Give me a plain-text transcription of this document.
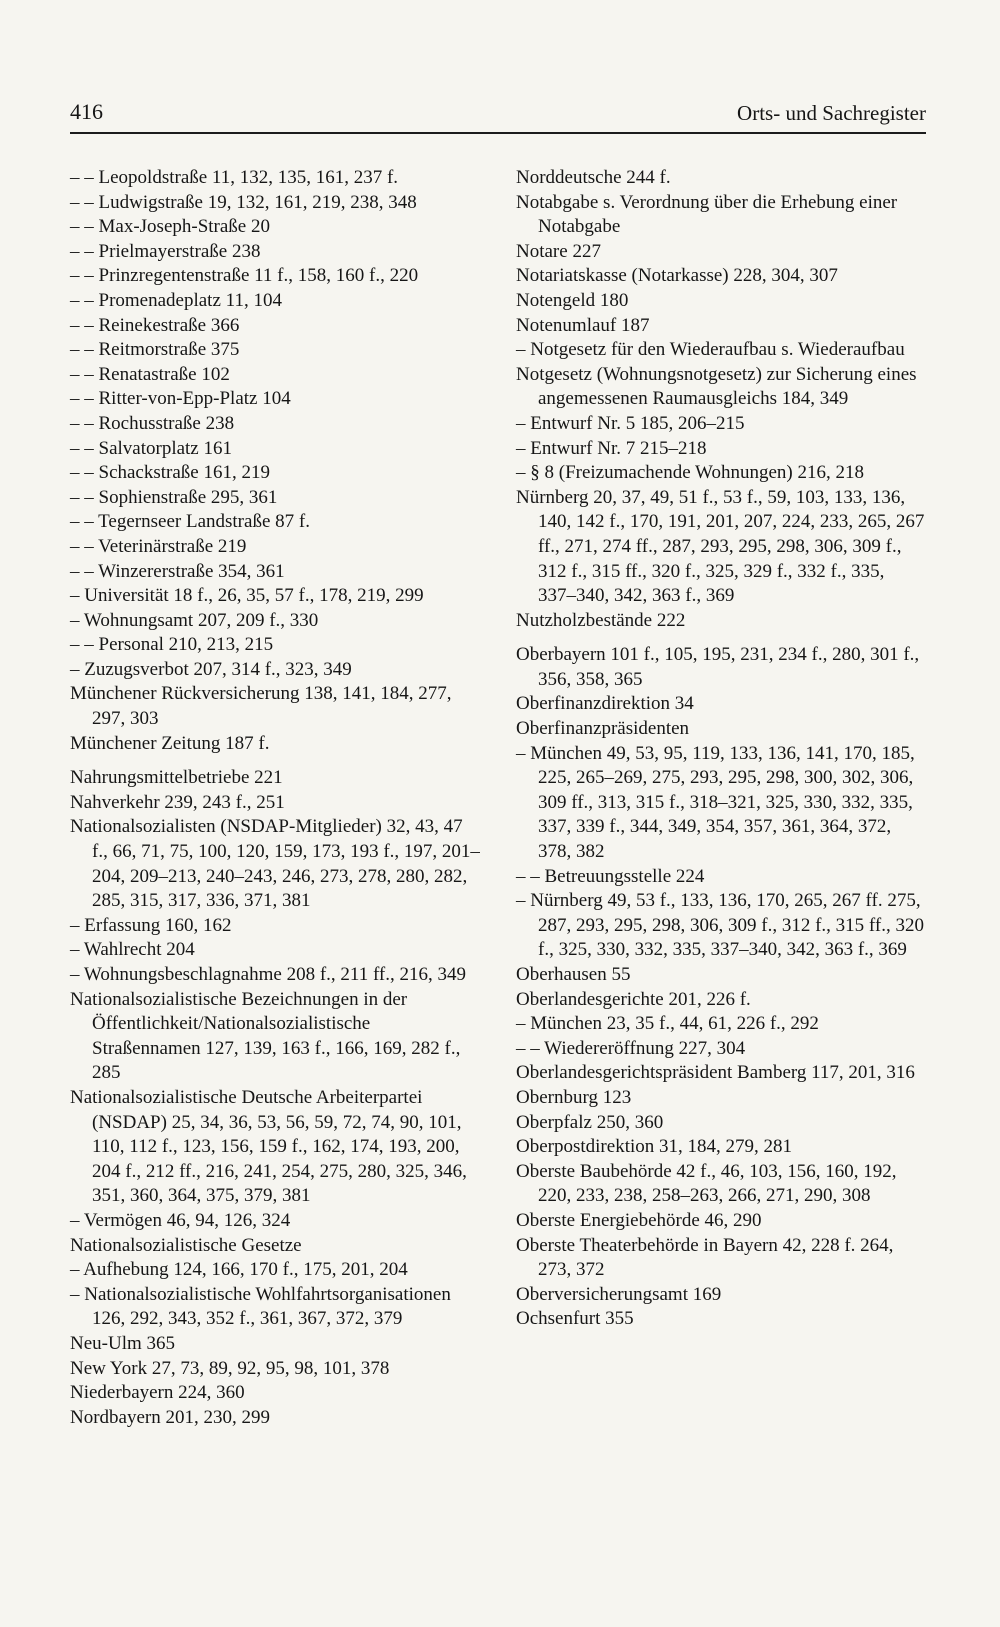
416	Orts- und Sachregister
– – Leopoldstraße 11, 132, 135, 161, 237 f.
– – Ludwigstraße 19, 132, 161, 219, 238, 348
– – Max-Joseph-Straße 20
– – Prielmayerstraße 238
– – Prinzregentenstraße 11 f., 158, 160 f., 220
– – Promenadeplatz 11, 104
– – Reinekestraße 366
– – Reitmorstraße 375
– – Renatastraße 102
– – Ritter-von-Epp-Platz 104
– – Rochusstraße 238
– – Salvatorplatz 161
– – Schackstraße 161, 219
– – Sophienstraße 295, 361
– – Tegernseer Landstraße 87 f.
– – Veterinärstraße 219
– – Winzererstraße 354, 361
– Universität 18 f., 26, 35, 57 f., 178, 219, 299
– Wohnungsamt 207, 209 f., 330
– – Personal 210, 213, 215
– Zuzugsverbot 207, 314 f., 323, 349
Münchener Rückversicherung 138, 141, 184, 277, 297, 303
Münchener Zeitung 187 f.
Nahrungsmittelbetriebe 221
Nahverkehr 239, 243 f., 251
Nationalsozialisten (NSDAP-Mitglieder) 32, 43, 47 f., 66, 71, 75, 100, 120, 159, 173, 193 f., 197, 201–204, 209–213, 240–243, 246, 273, 278, 280, 282, 285, 315, 317, 336, 371, 381
– Erfassung 160, 162
– Wahlrecht 204
– Wohnungsbeschlagnahme 208 f., 211 ff., 216, 349
Nationalsozialistische Bezeichnungen in der Öffentlichkeit/Nationalsozialistische Straßennamen 127, 139, 163 f., 166, 169, 282 f., 285
Nationalsozialistische Deutsche Arbeiterpartei (NSDAP) 25, 34, 36, 53, 56, 59, 72, 74, 90, 101, 110, 112 f., 123, 156, 159 f., 162, 174, 193, 200, 204 f., 212 ff., 216, 241, 254, 275, 280, 325, 346, 351, 360, 364, 375, 379, 381
– Vermögen 46, 94, 126, 324
Nationalsozialistische Gesetze
– Aufhebung 124, 166, 170 f., 175, 201, 204
– Nationalsozialistische Wohlfahrtsorganisationen 126, 292, 343, 352 f., 361, 367, 372, 379
Neu-Ulm 365
New York 27, 73, 89, 92, 95, 98, 101, 378
Niederbayern 224, 360
Nordbayern 201, 230, 299
Norddeutsche 244 f.
Notabgabe s. Verordnung über die Erhebung einer Notabgabe
Notare 227
Notariatskasse (Notarkasse) 228, 304, 307
Notengeld 180
Notenumlauf 187
– Notgesetz für den Wiederaufbau s. Wiederaufbau
Notgesetz (Wohnungsnotgesetz) zur Sicherung eines angemessenen Raumausgleichs 184, 349
– Entwurf Nr. 5 185, 206–215
– Entwurf Nr. 7 215–218
– § 8 (Freizumachende Wohnungen) 216, 218
Nürnberg 20, 37, 49, 51 f., 53 f., 59, 103, 133, 136, 140, 142 f., 170, 191, 201, 207, 224, 233, 265, 267 ff., 271, 274 ff., 287, 293, 295, 298, 306, 309 f., 312 f., 315 ff., 320 f., 325, 329 f., 332 f., 335, 337–340, 342, 363 f., 369
Nutzholzbestände 222
Oberbayern 101 f., 105, 195, 231, 234 f., 280, 301 f., 356, 358, 365
Oberfinanzdirektion 34
Oberfinanzpräsidenten
– München 49, 53, 95, 119, 133, 136, 141, 170, 185, 225, 265–269, 275, 293, 295, 298, 300, 302, 306, 309 ff., 313, 315 f., 318–321, 325, 330, 332, 335, 337, 339 f., 344, 349, 354, 357, 361, 364, 372, 378, 382
– – Betreuungsstelle 224
– Nürnberg 49, 53 f., 133, 136, 170, 265, 267 ff. 275, 287, 293, 295, 298, 306, 309 f., 312 f., 315 ff., 320 f., 325, 330, 332, 335, 337–340, 342, 363 f., 369
Oberhausen 55
Oberlandesgerichte 201, 226 f.
– München 23, 35 f., 44, 61, 226 f., 292
– – Wiedereröffnung 227, 304
Oberlandesgerichtspräsident Bamberg 117, 201, 316
Obernburg 123
Oberpfalz 250, 360
Oberpostdirektion 31, 184, 279, 281
Oberste Baubehörde 42 f., 46, 103, 156, 160, 192, 220, 233, 238, 258–263, 266, 271, 290, 308
Oberste Energiebehörde 46, 290
Oberste Theaterbehörde in Bayern 42, 228 f. 264, 273, 372
Oberversicherungsamt 169
Ochsenfurt 355
